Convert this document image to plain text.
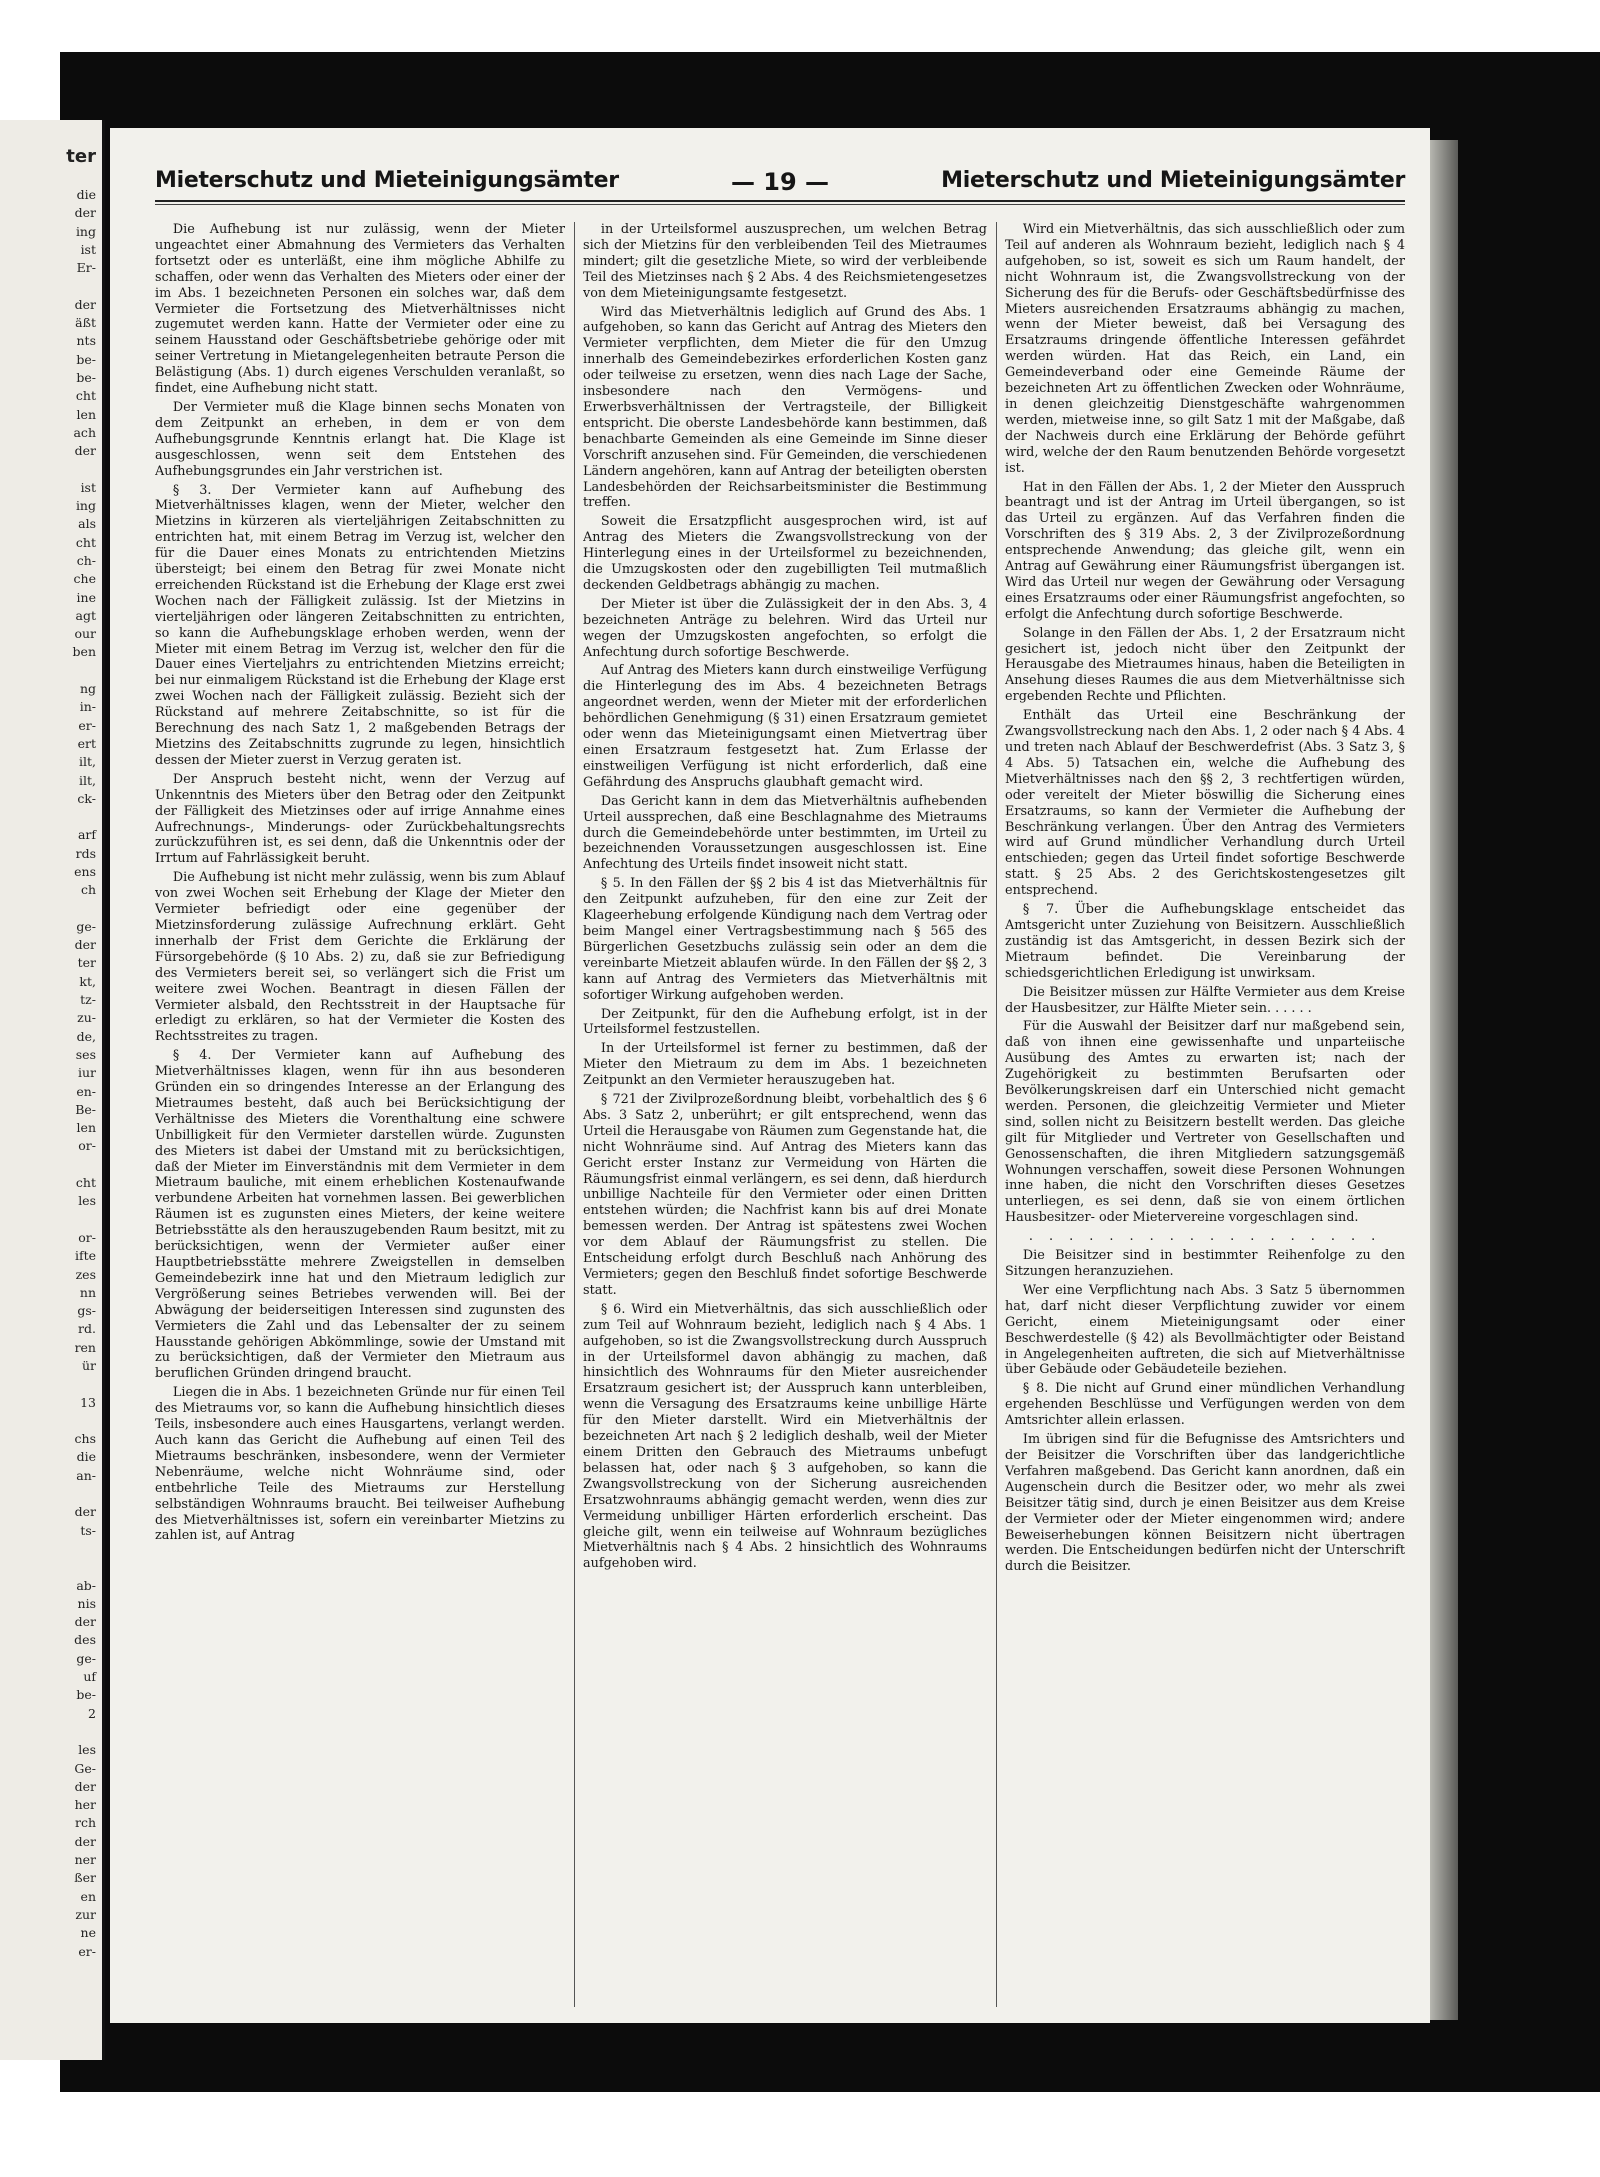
ter
die
der
ing
ist
Er-

der
äßt
nts
be-
be-
cht
len
ach
der

ist
ing
als
cht
ch-
che
ine
agt
our
ben

ng
in-
er-
ert
ilt,
ilt,
ck-

arf
rds
ens
ch

ge-
der
ter
kt,
tz-
zu-
de,
ses
iur
en-
Be-
len
or-

cht
les

or-
ifte
zes
nn
gs-
rd.
ren
ür

13

chs
die
an-

der
ts-

ab-
nis
der
des
ge-
uf
be-
2

les
Ge-
der
her
rch
der
ner
ßer
en
zur
ne
er-
Mieterschutz und Mieteinigungsämter	— 19 —	Mieterschutz und Mieteinigungsämter

Die Aufhebung ist nur zulässig, wenn der Mieter ungeachtet einer Abmahnung des Vermieters das Verhalten fortsetzt oder es unterläßt, eine ihm mögliche Abhilfe zu schaffen, oder wenn das Verhalten des Mieters oder einer der im Abs. 1 bezeichneten Personen ein solches war, daß dem Vermieter die Fortsetzung des Mietverhältnisses nicht zugemutet werden kann. Hatte der Vermieter oder eine zu seinem Hausstand oder Geschäftsbetriebe gehörige oder mit seiner Vertretung in Mietangelegenheiten betraute Person die Belästigung (Abs. 1) durch eigenes Verschulden veranlaßt, so findet, eine Aufhebung nicht statt.

Der Vermieter muß die Klage binnen sechs Monaten von dem Zeitpunkt an erheben, in dem er von dem Aufhebungsgrunde Kenntnis erlangt hat. Die Klage ist ausgeschlossen, wenn seit dem Entstehen des Aufhebungsgrundes ein Jahr verstrichen ist.

§ 3. Der Vermieter kann auf Aufhebung des Mietverhältnisses klagen, wenn der Mieter, welcher den Mietzins in kürzeren als vierteljährigen Zeitabschnitten zu entrichten hat, mit einem Betrag im Verzug ist, welcher den für die Dauer eines Monats zu entrichtenden Mietzins übersteigt; bei einem den Betrag für zwei Monate nicht erreichenden Rückstand ist die Erhebung der Klage erst zwei Wochen nach der Fälligkeit zulässig. Ist der Mietzins in vierteljährigen oder längeren Zeitabschnitten zu entrichten, so kann die Aufhebungsklage erhoben werden, wenn der Mieter mit einem Betrag im Verzug ist, welcher den für die Dauer eines Vierteljahrs zu entrichtenden Mietzins erreicht; bei nur einmaligem Rückstand ist die Erhebung der Klage erst zwei Wochen nach der Fälligkeit zulässig. Bezieht sich der Rückstand auf mehrere Zeitabschnitte, so ist für die Berechnung des nach Satz 1, 2 maßgebenden Betrags der Mietzins des Zeitabschnitts zugrunde zu legen, hinsichtlich dessen der Mieter zuerst in Verzug geraten ist.

Der Anspruch besteht nicht, wenn der Verzug auf Unkenntnis des Mieters über den Betrag oder den Zeitpunkt der Fälligkeit des Mietzinses oder auf irrige Annahme eines Aufrechnungs-, Minderungs- oder Zurückbehaltungsrechts zurückzuführen ist, es sei denn, daß die Unkenntnis oder der Irrtum auf Fahrlässigkeit beruht.

Die Aufhebung ist nicht mehr zulässig, wenn bis zum Ablauf von zwei Wochen seit Erhebung der Klage der Mieter den Vermieter befriedigt oder eine gegenüber der Mietzinsforderung zulässige Aufrechnung erklärt. Geht innerhalb der Frist dem Gerichte die Erklärung der Fürsorgebehörde (§ 10 Abs. 2) zu, daß sie zur Befriedigung des Vermieters bereit sei, so verlängert sich die Frist um weitere zwei Wochen. Beantragt in diesen Fällen der Vermieter alsbald, den Rechtsstreit in der Hauptsache für erledigt zu erklären, so hat der Vermieter die Kosten des Rechtsstreites zu tragen.

§ 4. Der Vermieter kann auf Aufhebung des Mietverhältnisses klagen, wenn für ihn aus besonderen Gründen ein so dringendes Interesse an der Erlangung des Mietraumes besteht, daß auch bei Berücksichtigung der Verhältnisse des Mieters die Vorenthaltung eine schwere Unbilligkeit für den Vermieter darstellen würde. Zugunsten des Mieters ist dabei der Umstand mit zu berücksichtigen, daß der Mieter im Einverständnis mit dem Vermieter in dem Mietraum bauliche, mit einem erheblichen Kostenaufwande verbundene Arbeiten hat vornehmen lassen. Bei gewerblichen Räumen ist es zugunsten eines Mieters, der keine weitere Betriebsstätte als den herauszugebenden Raum besitzt, mit zu berücksichtigen, wenn der Vermieter außer einer Hauptbetriebsstätte mehrere Zweigstellen in demselben Gemeindebezirk inne hat und den Mietraum lediglich zur Vergrößerung seines Betriebes verwenden will. Bei der Abwägung der beiderseitigen Interessen sind zugunsten des Vermieters die Zahl und das Lebensalter der zu seinem Hausstande gehörigen Abkömmlinge, sowie der Umstand mit zu berücksichtigen, daß der Vermieter den Mietraum aus beruflichen Gründen dringend braucht.

Liegen die in Abs. 1 bezeichneten Gründe nur für einen Teil des Mietraums vor, so kann die Aufhebung hinsichtlich dieses Teils, insbesondere auch eines Hausgartens, verlangt werden. Auch kann das Gericht die Aufhebung auf einen Teil des Mietraums beschränken, insbesondere, wenn der Vermieter Nebenräume, welche nicht Wohnräume sind, oder entbehrliche Teile des Mietraums zur Herstellung selbständigen Wohnraums braucht. Bei teilweiser Aufhebung des Mietverhältnisses ist, sofern ein vereinbarter Mietzins zu zahlen ist, auf Antrag

in der Urteilsformel auszusprechen, um welchen Betrag sich der Mietzins für den verbleibenden Teil des Mietraumes mindert; gilt die gesetzliche Miete, so wird der verbleibende Teil des Mietzinses nach § 2 Abs. 4 des Reichsmietengesetzes von dem Mieteinigungsamte festgesetzt.

Wird das Mietverhältnis lediglich auf Grund des Abs. 1 aufgehoben, so kann das Gericht auf Antrag des Mieters den Vermieter verpflichten, dem Mieter die für den Umzug innerhalb des Gemeindebezirkes erforderlichen Kosten ganz oder teilweise zu ersetzen, wenn dies nach Lage der Sache, insbesondere nach den Vermögens- und Erwerbsverhältnissen der Vertragsteile, der Billigkeit entspricht. Die oberste Landesbehörde kann bestimmen, daß benachbarte Gemeinden als eine Gemeinde im Sinne dieser Vorschrift anzusehen sind. Für Gemeinden, die verschiedenen Ländern angehören, kann auf Antrag der beteiligten obersten Landesbehörden der Reichsarbeitsminister die Bestimmung treffen.

Soweit die Ersatzpflicht ausgesprochen wird, ist auf Antrag des Mieters die Zwangsvollstreckung von der Hinterlegung eines in der Urteilsformel zu bezeichnenden, die Umzugskosten oder den zugebilligten Teil mutmaßlich deckenden Geldbetrags abhängig zu machen.

Der Mieter ist über die Zulässigkeit der in den Abs. 3, 4 bezeichneten Anträge zu belehren. Wird das Urteil nur wegen der Umzugskosten angefochten, so erfolgt die Anfechtung durch sofortige Beschwerde.

Auf Antrag des Mieters kann durch einstweilige Verfügung die Hinterlegung des im Abs. 4 bezeichneten Betrags angeordnet werden, wenn der Mieter mit der erforderlichen behördlichen Genehmigung (§ 31) einen Ersatzraum gemietet oder wenn das Mieteinigungsamt einen Mietvertrag über einen Ersatzraum festgesetzt hat. Zum Erlasse der einstweiligen Verfügung ist nicht erforderlich, daß eine Gefährdung des Anspruchs glaubhaft gemacht wird.

Das Gericht kann in dem das Mietverhältnis aufhebenden Urteil aussprechen, daß eine Beschlagnahme des Mietraums durch die Gemeindebehörde unter bestimmten, im Urteil zu bezeichnenden Voraussetzungen ausgeschlossen ist. Eine Anfechtung des Urteils findet insoweit nicht statt.

§ 5. In den Fällen der §§ 2 bis 4 ist das Mietverhältnis für den Zeitpunkt aufzuheben, für den eine zur Zeit der Klageerhebung erfolgende Kündigung nach dem Vertrag oder beim Mangel einer Vertragsbestimmung nach § 565 des Bürgerlichen Gesetzbuchs zulässig sein oder an dem die vereinbarte Mietzeit ablaufen würde. In den Fällen der §§ 2, 3 kann auf Antrag des Vermieters das Mietverhältnis mit sofortiger Wirkung aufgehoben werden.

Der Zeitpunkt, für den die Aufhebung erfolgt, ist in der Urteilsformel festzustellen.

In der Urteilsformel ist ferner zu bestimmen, daß der Mieter den Mietraum zu dem im Abs. 1 bezeichneten Zeitpunkt an den Vermieter herauszugeben hat.

§ 721 der Zivilprozeßordnung bleibt, vorbehaltlich des § 6 Abs. 3 Satz 2, unberührt; er gilt entsprechend, wenn das Urteil die Herausgabe von Räumen zum Gegenstande hat, die nicht Wohnräume sind. Auf Antrag des Mieters kann das Gericht erster Instanz zur Vermeidung von Härten die Räumungsfrist einmal verlängern, es sei denn, daß hierdurch unbillige Nachteile für den Vermieter oder einen Dritten entstehen würden; die Nachfrist kann bis auf drei Monate bemessen werden. Der Antrag ist spätestens zwei Wochen vor dem Ablauf der Räumungsfrist zu stellen. Die Entscheidung erfolgt durch Beschluß nach Anhörung des Vermieters; gegen den Beschluß findet sofortige Beschwerde statt.

§ 6. Wird ein Mietverhältnis, das sich ausschließlich oder zum Teil auf Wohnraum bezieht, lediglich nach § 4 Abs. 1 aufgehoben, so ist die Zwangsvollstreckung durch Ausspruch in der Urteilsformel davon abhängig zu machen, daß hinsichtlich des Wohnraums für den Mieter ausreichender Ersatzraum gesichert ist; der Ausspruch kann unterbleiben, wenn die Versagung des Ersatzraums keine unbillige Härte für den Mieter darstellt. Wird ein Mietverhältnis der bezeichneten Art nach § 2 lediglich deshalb, weil der Mieter einem Dritten den Gebrauch des Mietraums unbefugt belassen hat, oder nach § 3 aufgehoben, so kann die Zwangsvollstreckung von der Sicherung ausreichenden Ersatzwohnraums abhängig gemacht werden, wenn dies zur Vermeidung unbilliger Härten erforderlich erscheint. Das gleiche gilt, wenn ein teilweise auf Wohnraum bezügliches Mietverhältnis nach § 4 Abs. 2 hinsichtlich des Wohnraums aufgehoben wird.

Wird ein Mietverhältnis, das sich ausschließlich oder zum Teil auf anderen als Wohnraum bezieht, lediglich nach § 4 aufgehoben, so ist, soweit es sich um Raum handelt, der nicht Wohnraum ist, die Zwangsvollstreckung von der Sicherung des für die Berufs- oder Geschäftsbedürfnisse des Mieters ausreichenden Ersatzraums abhängig zu machen, wenn der Mieter beweist, daß bei Versagung des Ersatzraums dringende öffentliche Interessen gefährdet werden würden. Hat das Reich, ein Land, ein Gemeindeverband oder eine Gemeinde Räume der bezeichneten Art zu öffentlichen Zwecken oder Wohnräume, in denen gleichzeitig Dienstgeschäfte wahrgenommen werden, mietweise inne, so gilt Satz 1 mit der Maßgabe, daß der Nachweis durch eine Erklärung der Behörde geführt wird, welche der den Raum benutzenden Behörde vorgesetzt ist.

Hat in den Fällen der Abs. 1, 2 der Mieter den Ausspruch beantragt und ist der Antrag im Urteil übergangen, so ist das Urteil zu ergänzen. Auf das Verfahren finden die Vorschriften des § 319 Abs. 2, 3 der Zivilprozeßordnung entsprechende Anwendung; das gleiche gilt, wenn ein Antrag auf Gewährung einer Räumungsfrist übergangen ist. Wird das Urteil nur wegen der Gewährung oder Versagung eines Ersatzraums oder einer Räumungsfrist angefochten, so erfolgt die Anfechtung durch sofortige Beschwerde.

Solange in den Fällen der Abs. 1, 2 der Ersatzraum nicht gesichert ist, jedoch nicht über den Zeitpunkt der Herausgabe des Mietraumes hinaus, haben die Beteiligten in Ansehung dieses Raumes die aus dem Mietverhältnisse sich ergebenden Rechte und Pflichten.

Enthält das Urteil eine Beschränkung der Zwangsvollstreckung nach den Abs. 1, 2 oder nach § 4 Abs. 4 und treten nach Ablauf der Beschwerdefrist (Abs. 3 Satz 3, § 4 Abs. 5) Tatsachen ein, welche die Aufhebung des Mietverhältnisses nach den §§ 2, 3 rechtfertigen würden, oder vereitelt der Mieter böswillig die Sicherung eines Ersatzraums, so kann der Vermieter die Aufhebung der Beschränkung verlangen. Über den Antrag des Vermieters wird auf Grund mündlicher Verhandlung durch Urteil entschieden; gegen das Urteil findet sofortige Beschwerde statt. § 25 Abs. 2 des Gerichtskostengesetzes gilt entsprechend.

§ 7. Über die Aufhebungsklage entscheidet das Amtsgericht unter Zuziehung von Beisitzern. Ausschließlich zuständig ist das Amtsgericht, in dessen Bezirk sich der Mietraum befindet. Die Vereinbarung der schiedsgerichtlichen Erledigung ist unwirksam.

Die Beisitzer müssen zur Hälfte Vermieter aus dem Kreise der Hausbesitzer, zur Hälfte Mieter sein. . . . . .

Für die Auswahl der Beisitzer darf nur maßgebend sein, daß von ihnen eine gewissenhafte und unparteiische Ausübung des Amtes zu erwarten ist; nach der Zugehörigkeit zu bestimmten Berufsarten oder Bevölkerungskreisen darf ein Unterschied nicht gemacht werden. Personen, die gleichzeitig Vermieter und Mieter sind, sollen nicht zu Beisitzern bestellt werden. Das gleiche gilt für Mitglieder und Vertreter von Gesellschaften und Genossenschaften, die ihren Mitgliedern satzungsgemäß Wohnungen verschaffen, soweit diese Personen Wohnungen inne haben, die nicht den Vorschriften dieses Gesetzes unterliegen, es sei denn, daß sie von einem örtlichen Hausbesitzer- oder Mietervereine vorgeschlagen sind.

. . . . . . . . . . . . . . . . . .

Die Beisitzer sind in bestimmter Reihenfolge zu den Sitzungen heranzuziehen.

Wer eine Verpflichtung nach Abs. 3 Satz 5 übernommen hat, darf nicht dieser Verpflichtung zuwider vor einem Gericht, einem Mieteinigungsamt oder einer Beschwerdestelle (§ 42) als Bevollmächtigter oder Beistand in Angelegenheiten auftreten, die sich auf Mietverhältnisse über Gebäude oder Gebäudeteile beziehen.

§ 8. Die nicht auf Grund einer mündlichen Verhandlung ergehenden Beschlüsse und Verfügungen werden von dem Amtsrichter allein erlassen.

Im übrigen sind für die Befugnisse des Amtsrichters und der Beisitzer die Vorschriften über das landgerichtliche Verfahren maßgebend. Das Gericht kann anordnen, daß ein Augenschein durch die Besitzer oder, wo mehr als zwei Beisitzer tätig sind, durch je einen Beisitzer aus dem Kreise der Vermieter oder der Mieter eingenommen wird; andere Beweiserhebungen können Beisitzern nicht übertragen werden. Die Entscheidungen bedürfen nicht der Unterschrift durch die Beisitzer.
